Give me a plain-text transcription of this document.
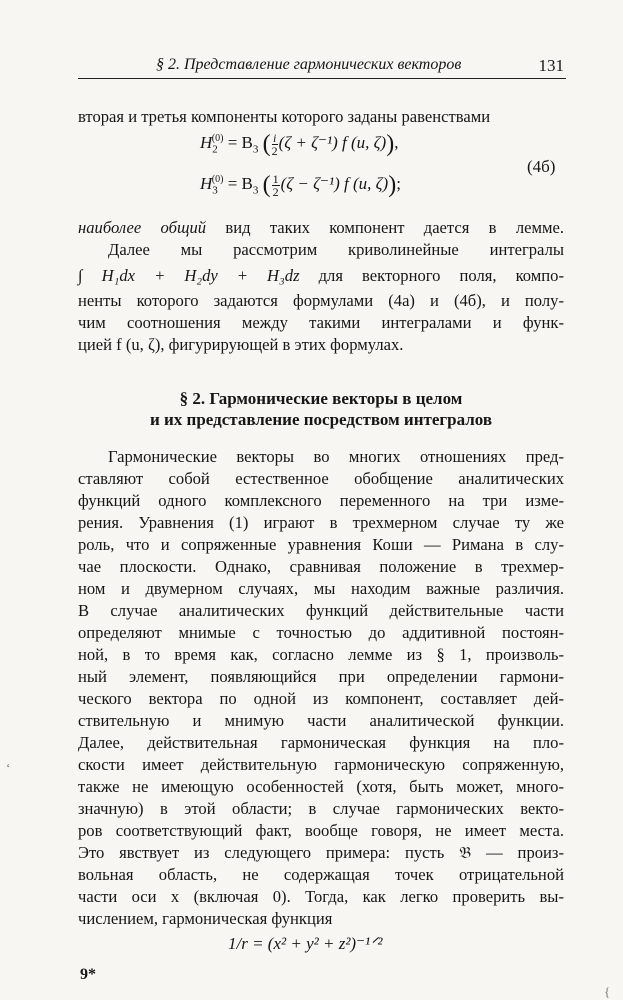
§ 2. Представление гармонических векторов	131
вторая и третья компоненты которого заданы равенствами
$H_2^{(0)} = B_3$ ( $\frac{i}{2} (\zeta + \zeta^{-1})$ f (u, ζ)),
$H_3^{(0)} = B_3$ ( $\frac{1}{2} (\zeta - \zeta^{-1})$ f (u, ζ));
(4б)
наиболее общий вид таких компонент дается в лемме.
Далее мы рассмотрим криволинейные интегралы
∫ H₁dx + H₂dy + H₃dz для векторного поля, компо-
ненты которого задаются формулами (4а) и (4б), и полу-
чим соотношения между такими интегралами и функ-
цией f (u, ζ), фигурирующей в этих формулах.
§ 2. Гармонические векторы в целом
и их представление посредством интегралов
Гармонические векторы во многих отношениях пред-
ставляют собой естественное обобщение аналитических
функций одного комплексного переменного на три изме-
рения. Уравнения (1) играют в трехмерном случае ту же
роль, что и сопряженные уравнения Коши — Римана в слу-
чае плоскости. Однако, сравнивая положение в трехмер-
ном и двумерном случаях, мы находим важные различия.
В случае аналитических функций действительные части
определяют мнимые с точностью до аддитивной постоян-
ной, в то время как, согласно лемме из § 1, произволь-
ный элемент, появляющийся при определении гармони-
ческого вектора по одной из компонент, составляет дей-
ствительную и мнимую части аналитической функции.
Далее, действительная гармоническая функция на пло-
скости имеет действительную гармоническую сопряженную,
также не имеющую особенностей (хотя, быть может, много-
значную) в этой области; в случае гармонических векто-
ров соответствующий факт, вообще говоря, не имеет места.
Это явствует из следующего примера: пусть 𝔅 — произ-
вольная область, не содержащая точек отрицательной
части оси x (включая 0). Тогда, как легко проверить вы-
числением, гармоническая функция
1/r = (x² + y² + z²)⁻¹ᐟ²
9*
‘
{
